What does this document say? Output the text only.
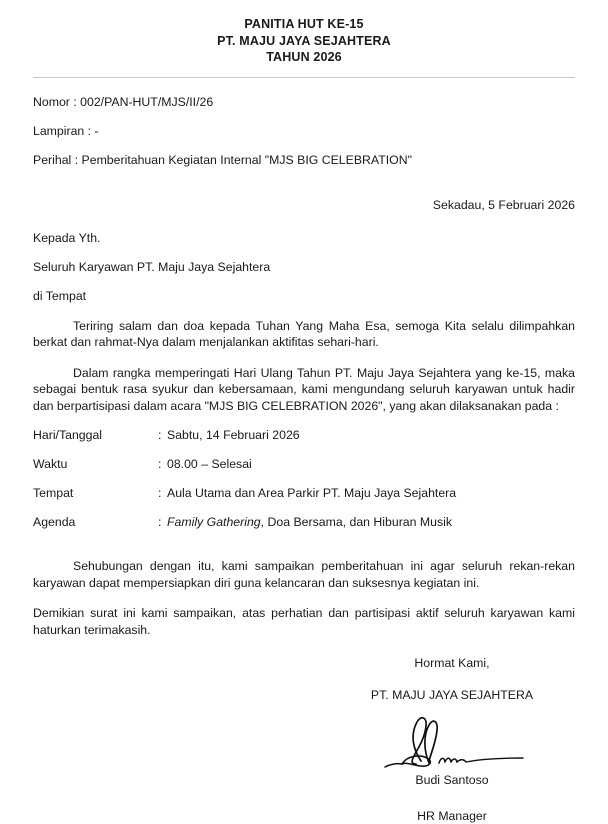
PANITIA HUT KE-15
PT. MAJU JAYA SEJAHTERA
TAHUN 2026
Nomor : 002/PAN-HUT/MJS/II/26
Lampiran : -
Perihal : Pemberitahuan Kegiatan Internal "MJS BIG CELEBRATION"
Sekadau, 5 Februari 2026
Kepada Yth.
Seluruh Karyawan PT. Maju Jaya Sejahtera
di Tempat
Teriring salam dan doa kepada Tuhan Yang Maha Esa, semoga Kita selalu dilimpahkan berkat dan rahmat-Nya dalam menjalankan aktifitas sehari-hari.
Dalam rangka memperingati Hari Ulang Tahun PT. Maju Jaya Sejahtera yang ke-15, maka sebagai bentuk rasa syukur dan kebersamaan, kami mengundang seluruh karyawan untuk hadir dan berpartisipasi dalam acara "MJS BIG CELEBRATION 2026", yang akan dilaksanakan pada :
Hari/Tanggal	:	Sabtu, 14 Februari 2026
Waktu	:	08.00 – Selesai
Tempat	:	Aula Utama dan Area Parkir PT. Maju Jaya Sejahtera
Agenda	:	Family Gathering, Doa Bersama, dan Hiburan Musik
Sehubungan dengan itu, kami sampaikan pemberitahuan ini agar seluruh rekan-rekan karyawan dapat mempersiapkan diri guna kelancaran dan suksesnya kegiatan ini.
Demikian surat ini kami sampaikan, atas perhatian dan partisipasi aktif seluruh karyawan kami haturkan terimakasih.
Hormat Kami,
PT. MAJU JAYA SEJAHTERA
Budi Santoso
HR Manager
